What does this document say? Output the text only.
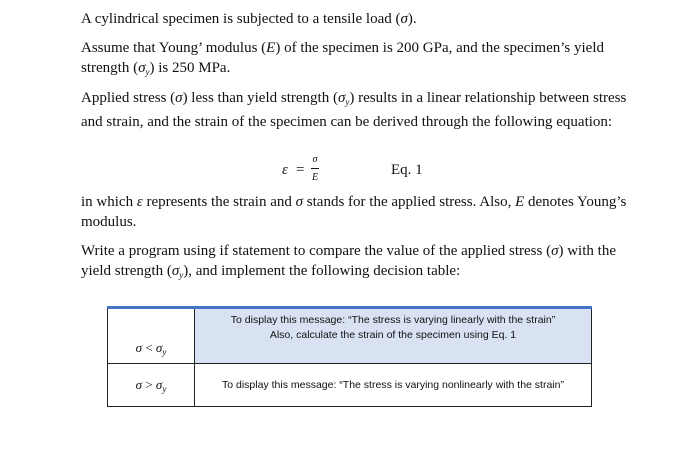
A cylindrical specimen is subjected to a tensile load (σ).
Assume that Young’ modulus (E) of the specimen is 200 GPa, and the specimen’s yield strength $(\sigma_y)$ is 250 MPa.
Applied stress (σ) less than yield strength $(\sigma_y)$ results in a linear relationship between stress and strain, and the strain of the specimen can be derived through the following equation:
ε =
σ
E	Eq. 1
in which ε represents the strain and σ stands for the applied stress. Also, E denotes Young’s modulus.
Write a program using if statement to compare the value of the applied stress (σ) with the yield strength $(\sigma_y)$, and implement the following decision table:
$\sigma < \sigma_y$	To display this message: “The stress is varying linearly with the strain”
Also, calculate the strain of the specimen using Eq. 1
$\sigma > \sigma_y$	To display this message: “The stress is varying nonlinearly with the strain”
